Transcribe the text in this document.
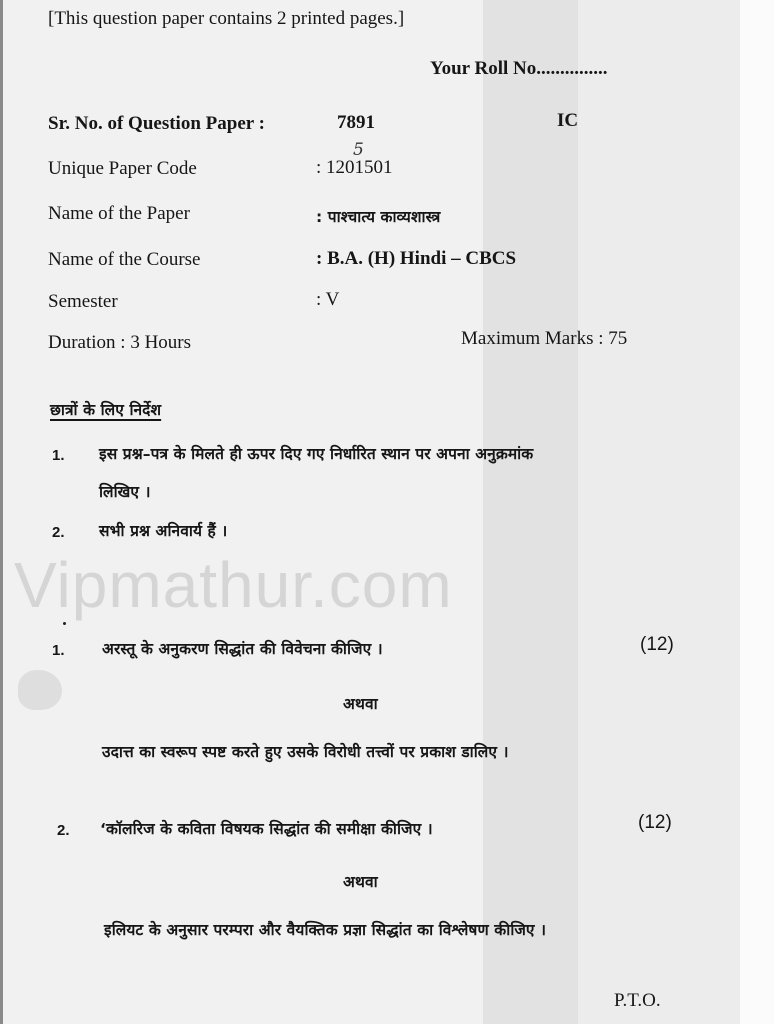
Vipmathur.com
[This question paper contains 2 printed pages.]
Your Roll No...............
Sr. No. of Question Paper :	7891	IC
Unique Paper Code	: 1201501
5
Name of the Paper	: पाश्चात्य काव्यशास्त्र
Name of the Course	: B.A. (H) Hindi – CBCS
Semester	: V
Duration : 3 Hours	Maximum Marks : 75
छात्रों के लिए निर्देश
1. इस प्रश्न–पत्र के मिलते ही ऊपर दिए गए निर्धारित स्थान पर अपना अनुक्रमांक
लिखिए ।
2. सभी प्रश्न अनिवार्य हैं ।
1. अरस्तू के अनुकरण सिद्धांत की विवेचना कीजिए ।	(12)
अथवा
उदात्त का स्वरूप स्पष्ट करते हुए उसके विरोधी तत्त्वों पर प्रकाश डालिए ।
2. ‘कॉलरिज के कविता विषयक सिद्धांत की समीक्षा कीजिए ।	(12)
अथवा
इलियट के अनुसार परम्परा और वैयक्तिक प्रज्ञा सिद्धांत का विश्लेषण कीजिए ।
P.T.O.
